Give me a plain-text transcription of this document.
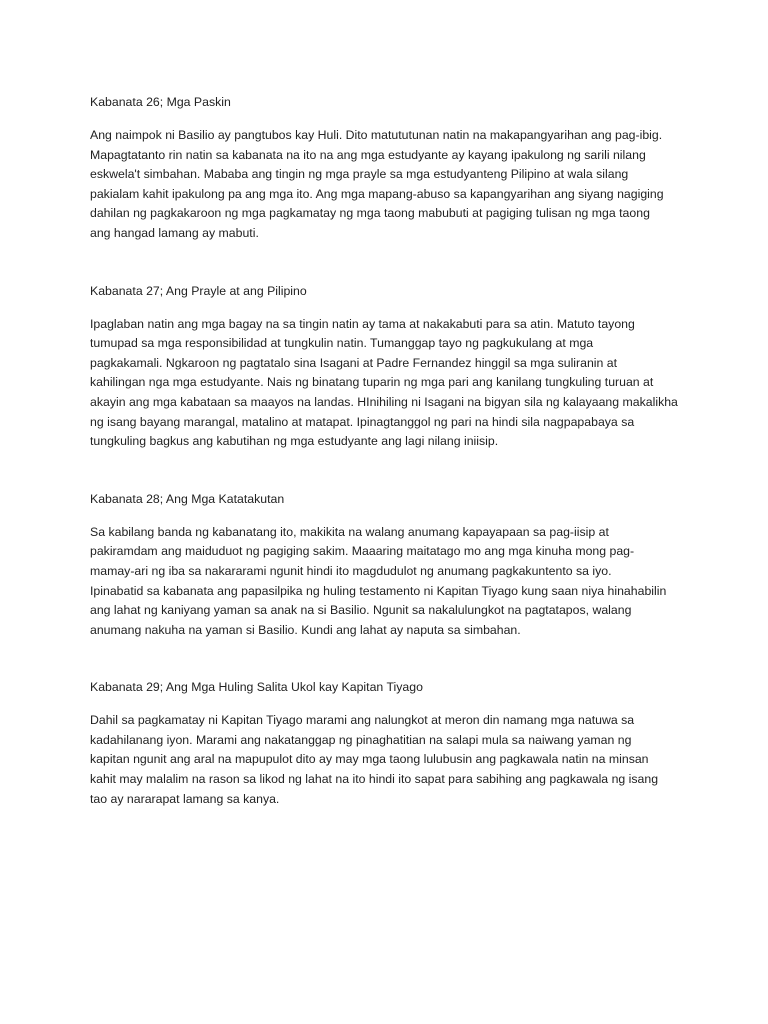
Kabanata 26; Mga Paskin

Ang naimpok ni Basilio ay pangtubos kay Huli. Dito matututunan natin na makapangyarihan ang pag-ibig.
Mapagtatanto rin natin sa kabanata na ito na ang mga estudyante ay kayang ipakulong ng sarili nilang
eskwela't simbahan. Mababa ang tingin ng mga prayle sa mga estudyanteng Pilipino at wala silang
pakialam kahit ipakulong pa ang mga ito. Ang mga mapang-abuso sa kapangyarihan ang siyang nagiging
dahilan ng pagkakaroon ng mga pagkamatay ng mga taong mabubuti at pagiging tulisan ng mga taong
ang hangad lamang ay mabuti.

Kabanata 27; Ang Prayle at ang Pilipino

Ipaglaban natin ang mga bagay na sa tingin natin ay tama at nakakabuti para sa atin. Matuto tayong
tumupad sa mga responsibilidad at tungkulin natin. Tumanggap tayo ng pagkukulang at mga
pagkakamali. Ngkaroon ng pagtatalo sina Isagani at Padre Fernandez hinggil sa mga suliranin at
kahilingan nga mga estudyante. Nais ng binatang tuparin ng mga pari ang kanilang tungkuling turuan at
akayin ang mga kabataan sa maayos na landas. HInihiling ni Isagani na bigyan sila ng kalayaang makalikha
ng isang bayang marangal, matalino at matapat. Ipinagtanggol ng pari na hindi sila nagpapabaya sa
tungkuling bagkus ang kabutihan ng mga estudyante ang lagi nilang iniisip.

Kabanata 28; Ang Mga Katatakutan

Sa kabilang banda ng kabanatang ito, makikita na walang anumang kapayapaan sa pag-iisip at
pakiramdam ang maiduduot ng pagiging sakim. Maaaring maitatago mo ang mga kinuha mong pag-
mamay-ari ng iba sa nakararami ngunit hindi ito magdudulot ng anumang pagkakuntento sa iyo.
Ipinabatid sa kabanata ang papasilpika ng huling testamento ni Kapitan Tiyago kung saan niya hinahabilin
ang lahat ng kaniyang yaman sa anak na si Basilio. Ngunit sa nakalulungkot na pagtatapos, walang
anumang nakuha na yaman si Basilio. Kundi ang lahat ay naputa sa simbahan.

Kabanata 29; Ang Mga Huling Salita Ukol kay Kapitan Tiyago

Dahil sa pagkamatay ni Kapitan Tiyago marami ang nalungkot at meron din namang mga natuwa sa
kadahilanang iyon. Marami ang nakatanggap ng pinaghatitian na salapi mula sa naiwang yaman ng
kapitan ngunit ang aral na mapupulot dito ay may mga taong lulubusin ang pagkawala natin na minsan
kahit may malalim na rason sa likod ng lahat na ito hindi ito sapat para sabihing ang pagkawala ng isang
tao ay nararapat lamang sa kanya.
